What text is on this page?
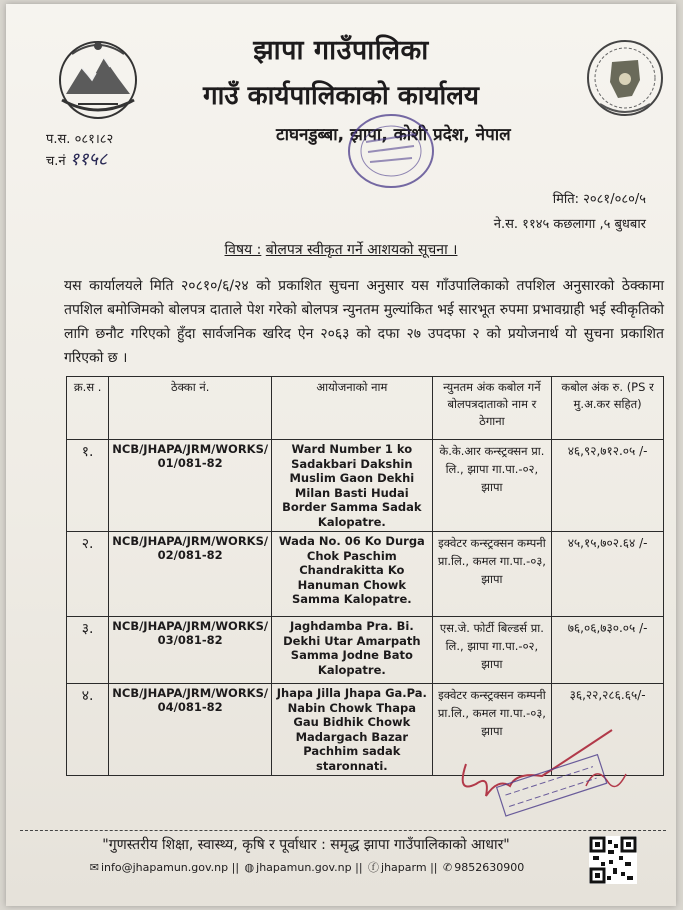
झापा गाउँपालिका
गाउँ कार्यपालिकाको कार्यालय
टाघनडुब्बा, झापा, कोशी प्रदेश, नेपाल
प.स. ०८१।८२
च.नं ११५८
मिति: २०८१/०८०/५
ने.स. ११४५ कछलागा ,५ बुधबार
विषय : बोलपत्र स्वीकृत गर्ने आशयको सूचना ।
यस कार्यालयले मिति २०८१०/६/२४ को प्रकाशित सुचना अनुसार यस गाँउपालिकाको तपशिल अनुसारको ठेक्कामा तपशिल बमोजिमको बोलपत्र दाताले पेश गरेको बोलपत्र न्युनतम मुल्यांकित भई सारभूत रुपमा प्रभावग्राही भई स्वीकृतिको लागि छनौट गरिएको हुँदा सार्वजनिक खरिद ऐन २०६३ को दफा २७ उपदफा २ को प्रयोजनार्थ यो सुचना प्रकाशित गरिएको छ ।
क्र.स .	ठेक्का नं.	आयोजनाको नाम	न्युनतम अंक कबोल गर्ने बोलपत्रदाताको नाम र ठेगाना	कबोल अंक रु. (PS र मु.अ.कर सहित)
१.	NCB/JHAPA/JRM/WORKS/ 01/081-82	Ward Number 1 ko Sadakbari Dakshin Muslim Gaon Dekhi Milan Basti Hudai Border Samma Sadak Kalopatre.	के.के.आर कन्स्ट्रक्सन प्रा. लि., झापा गा.पा.-०२, झापा	४६,९२,७१२.०५ /-
२.	NCB/JHAPA/JRM/WORKS/ 02/081-82	Wada No. 06 Ko Durga Chok Paschim Chandrakitta Ko Hanuman Chowk Samma Kalopatre.	इक्वेटर कन्स्ट्रक्सन कम्पनी प्रा.लि., कमल गा.पा.-०३, झापा	४५,१५,७०२.६४ /-
३.	NCB/JHAPA/JRM/WORKS/ 03/081-82	Jaghdamba Pra. Bi. Dekhi Utar Amarpath Samma Jodne Bato Kalopatre.	एस.जे. फोर्टी बिल्डर्स प्रा. लि., झापा गा.पा.-०२, झापा	७६,०६,७३०.०५ /-
४.	NCB/JHAPA/JRM/WORKS/ 04/081-82	Jhapa Jilla Jhapa Ga.Pa. Nabin Chowk Thapa Gau Bidhik Chowk Madargach Bazar Pachhim sadak staronnati.	इक्वेटर कन्स्ट्रक्सन कम्पनी प्रा.लि., कमल गा.पा.-०३, झापा	३६,२२,२८६.६५/-
"गुणस्तरीय शिक्षा, स्वास्थ्य, कृषि र पूर्वाधार : समृद्ध झापा गाउँपालिकाको आधार"
✉ info@jhapamun.gov.np || ◍ jhapamun.gov.np || ⓕ jhaparm || ✆ 9852630900
